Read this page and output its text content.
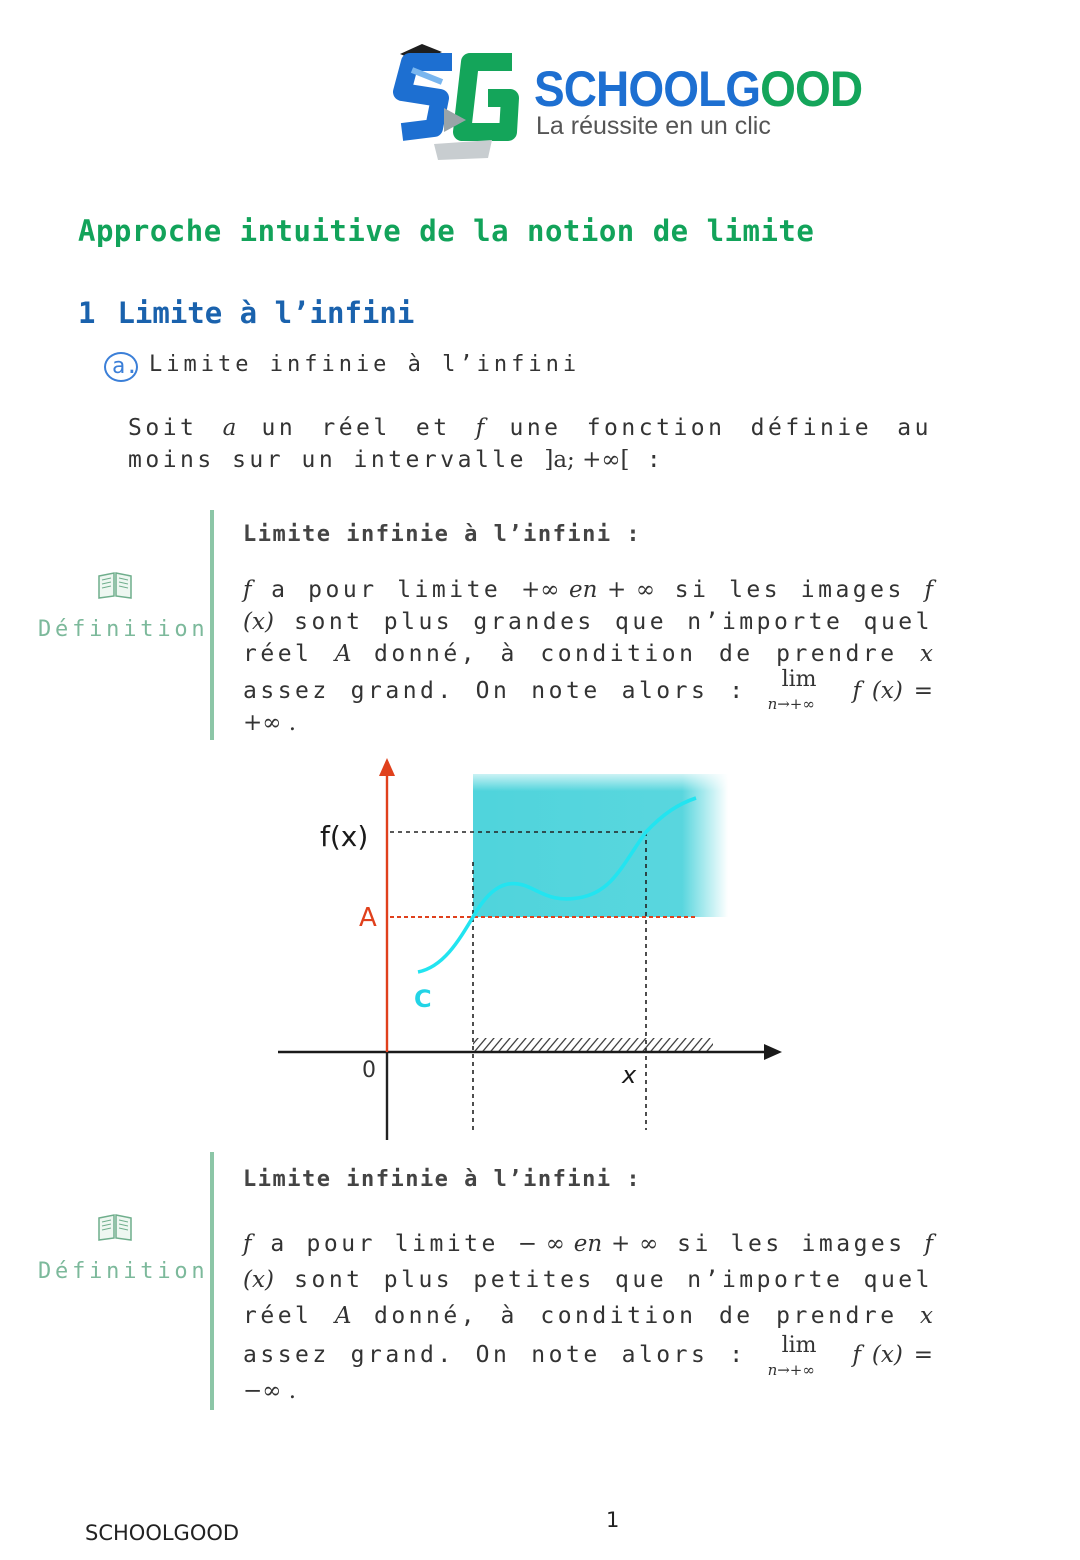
SCHOOLGOOD
La réussite en un clic
Approche intuitive de la notion de limite
1 Limite à l’infini
a. Limite infinie à l’infini
Soit a un réel et f une fonction définie au moins sur un intervalle ]a; +∞[ :
Définition
Limite infinie à l’infini :
f a pour limite +∞ en + ∞ si les images f (x) sont plus grandes que n’importe quel réel A donné, à condition de prendre x assez grand. On note alors : lim
n→+∞ f (x) = +∞ .
f(x)
A
C
0	x
Définition
Limite infinie à l’infini :
f a pour limite − ∞ en + ∞ si les images f (x) sont plus petites que n’importe quel réel A donné, à condition de prendre x assez grand. On note alors : lim
n→+∞
f (x) = −∞ .
1
SCHOOLGOOD
